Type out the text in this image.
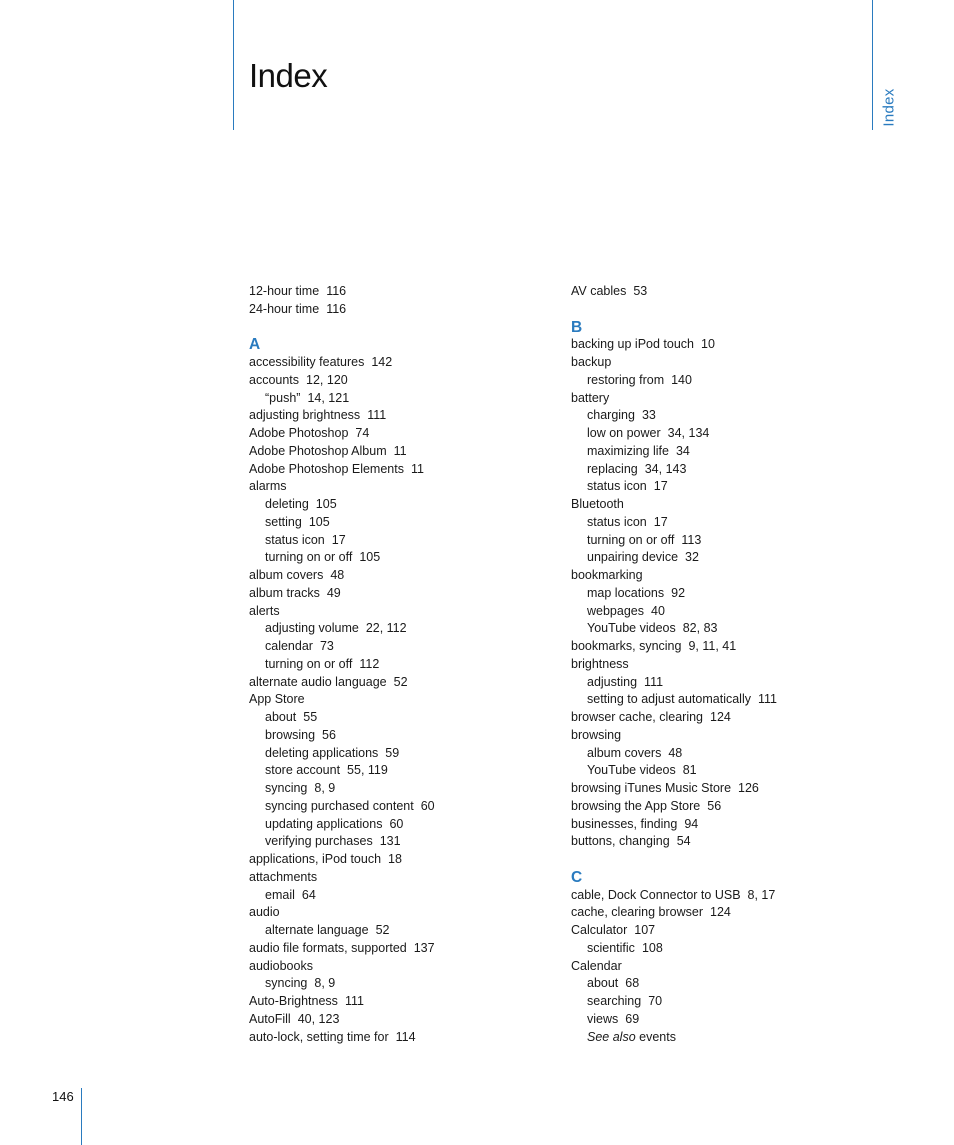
Index
Index
12-hour time 116
24-hour time 116
A
accessibility features 142
accounts 12, 120
“push” 14, 121
adjusting brightness 111
Adobe Photoshop 74
Adobe Photoshop Album 11
Adobe Photoshop Elements 11
alarms
deleting 105
setting 105
status icon 17
turning on or off 105
album covers 48
album tracks 49
alerts
adjusting volume 22, 112
calendar 73
turning on or off 112
alternate audio language 52
App Store
about 55
browsing 56
deleting applications 59
store account 55, 119
syncing 8, 9
syncing purchased content 60
updating applications 60
verifying purchases 131
applications, iPod touch 18
attachments
email 64
audio
alternate language 52
audio file formats, supported 137
audiobooks
syncing 8, 9
Auto-Brightness 111
AutoFill 40, 123
auto-lock, setting time for 114
AV cables 53
B
backing up iPod touch 10
backup
restoring from 140
battery
charging 33
low on power 34, 134
maximizing life 34
replacing 34, 143
status icon 17
Bluetooth
status icon 17
turning on or off 113
unpairing device 32
bookmarking
map locations 92
webpages 40
YouTube videos 82, 83
bookmarks, syncing 9, 11, 41
brightness
adjusting 111
setting to adjust automatically 111
browser cache, clearing 124
browsing
album covers 48
YouTube videos 81
browsing iTunes Music Store 126
browsing the App Store 56
businesses, finding 94
buttons, changing 54
C
cable, Dock Connector to USB 8, 17
cache, clearing browser 124
Calculator 107
scientific 108
Calendar
about 68
searching 70
views 69
See also events
146
